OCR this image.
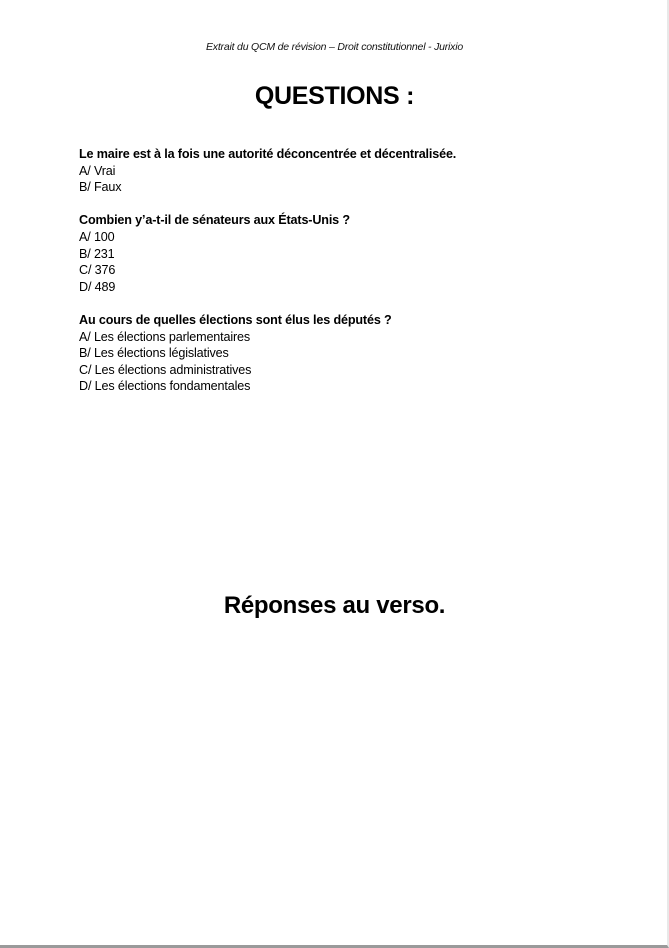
Extrait du QCM de révision – Droit constitutionnel - Jurixio
QUESTIONS :
Le maire est à la fois une autorité déconcentrée et décentralisée.
A/ Vrai
B/ Faux
Combien y’a-t-il de sénateurs aux États-Unis ?
A/ 100
B/ 231
C/ 376
D/ 489
Au cours de quelles élections sont élus les députés ?
A/ Les élections parlementaires
B/ Les élections législatives
C/ Les élections administratives
D/ Les élections fondamentales
Réponses au verso.
